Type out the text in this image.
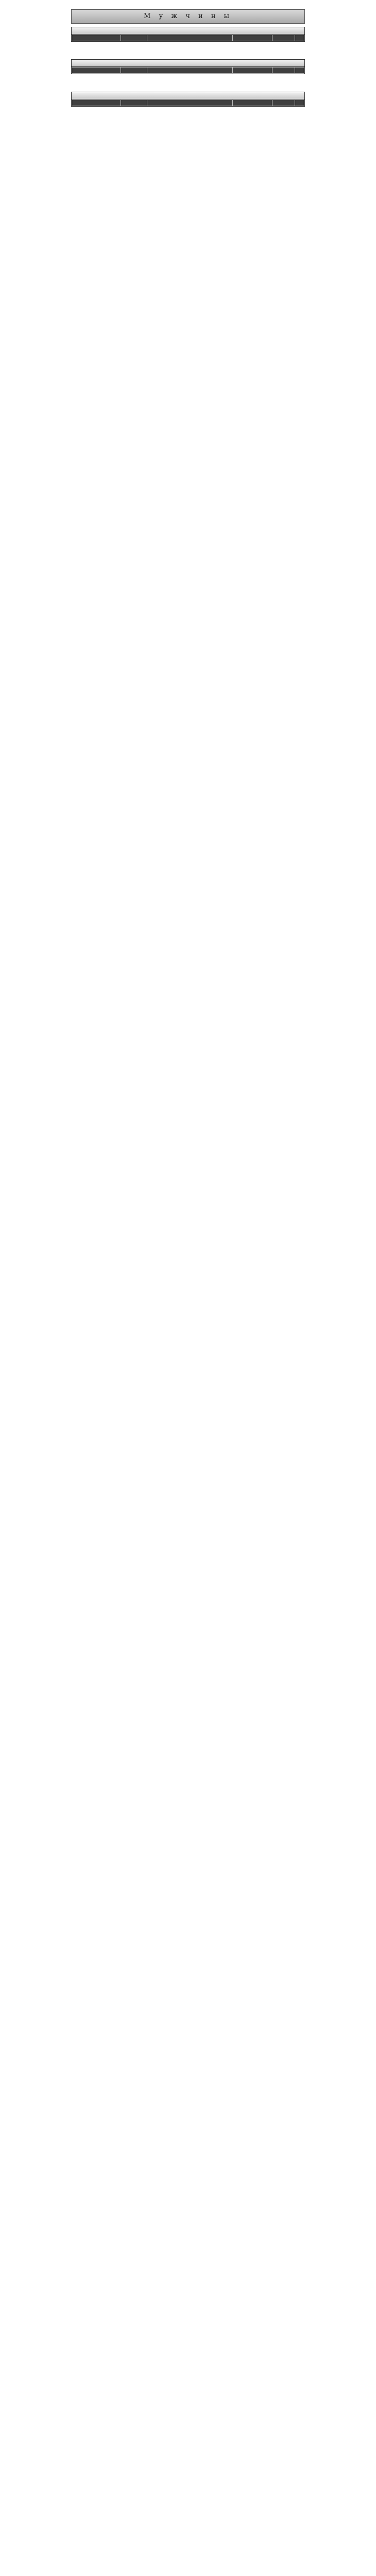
М у ж ч и н ы
